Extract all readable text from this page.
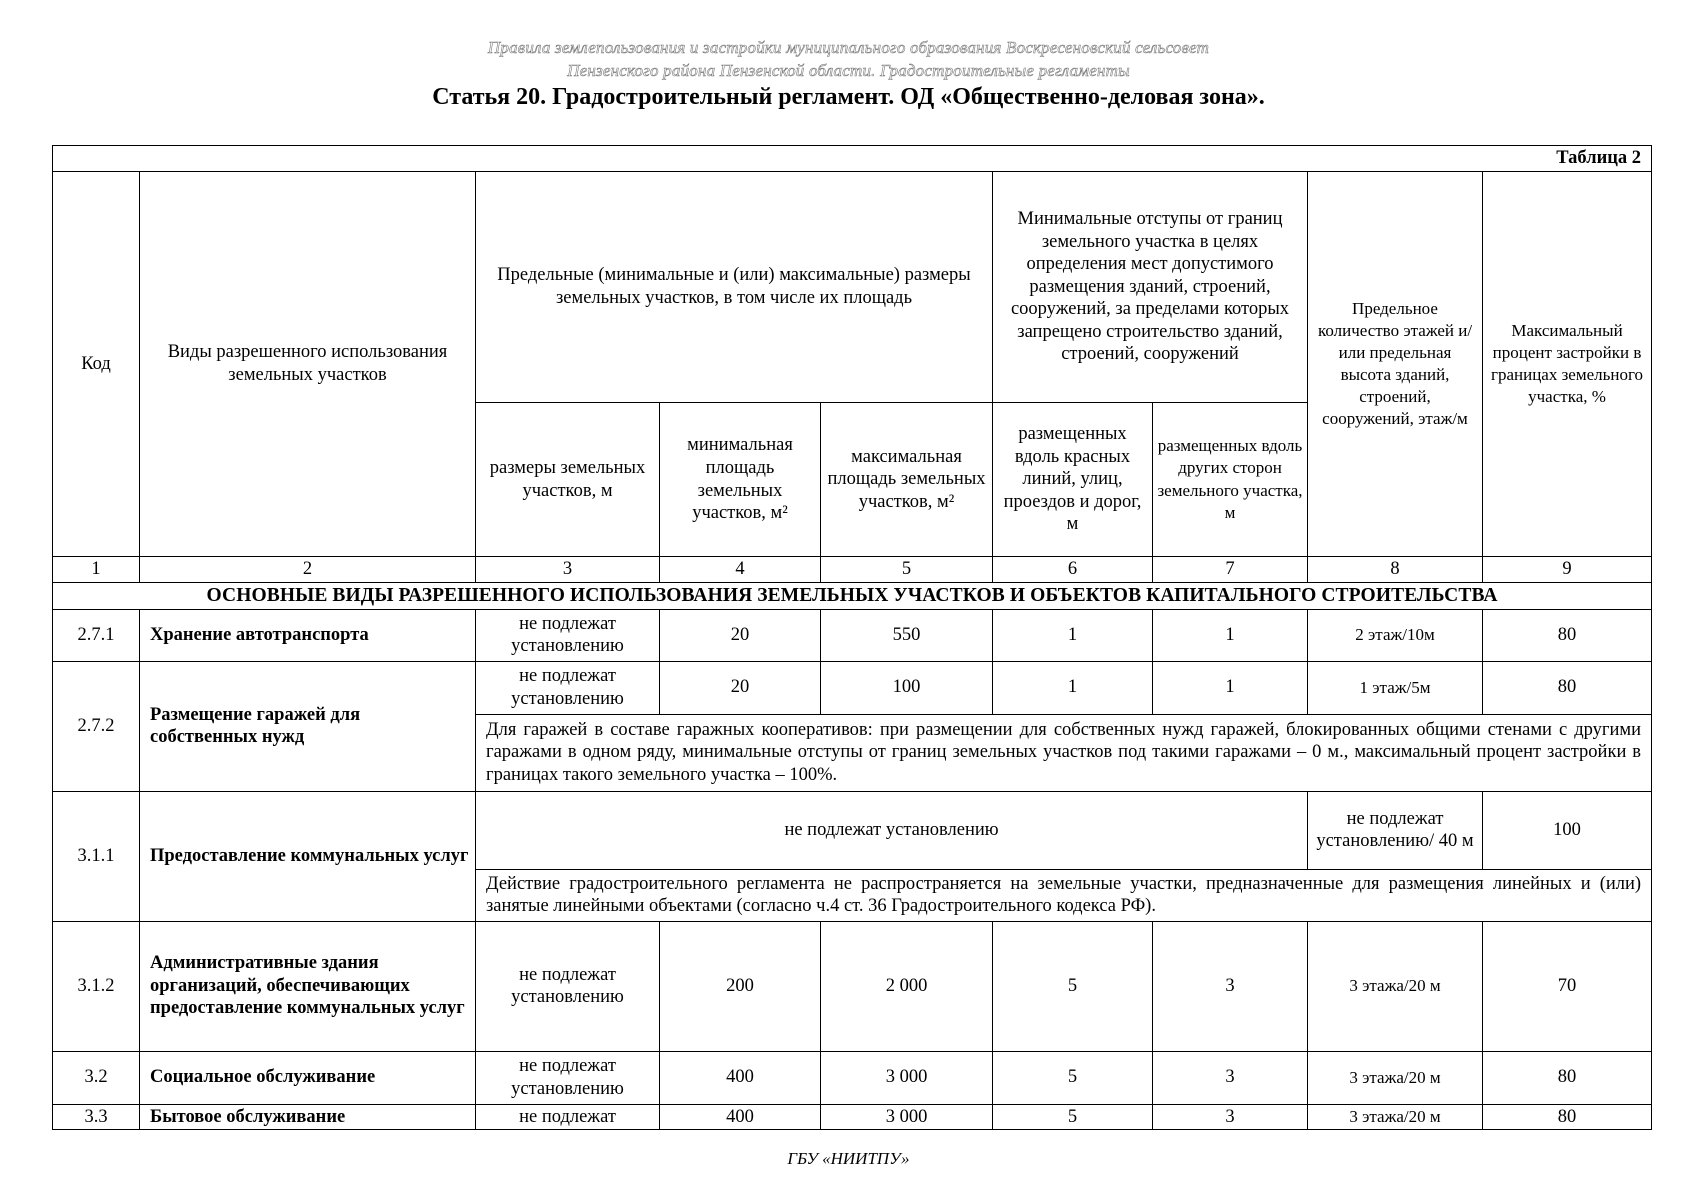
Правила землепользования и застройки муниципального образования Воскресеновский сельсовет
Пензенского района Пензенской области. Градостроительные регламенты
Статья 20. Градостроительный регламент. ОД «Общественно-деловая зона».
Таблица 2								
Код	Виды разрешенного использования земельных участков	Предельные (минимальные и (или) максимальные) размеры земельных участков, в том числе их площадь			Минимальные отступы от границ земельного участка в целях определения мест допустимого размещения зданий, строений, сооружений, за пределами которых запрещено строительство зданий, строений, сооружений		Предельное количество этажей и/или предельная высота зданий, строений, сооружений, этаж/м	Максимальный процент застройки в границах земельного участка, %
		размеры земельных участков, м	минимальная площадь земельных участков, м²	максимальная площадь земельных участков, м²	размещенных вдоль красных линий, улиц, проездов и дорог, м	размещенных вдоль других сторон земельного участка, м		
1	2	3	4	5	6	7	8	9
ОСНОВНЫЕ ВИДЫ РАЗРЕШЕННОГО ИСПОЛЬЗОВАНИЯ ЗЕМЕЛЬНЫХ УЧАСТКОВ И ОБЪЕКТОВ КАПИТАЛЬНОГО СТРОИТЕЛЬСТВА								
2.7.1	Хранение автотранспорта	не подлежат установлению	20	550	1	1	2 этаж/10м	80
2.7.2	Размещение гаражей для собственных нужд	не подлежат установлению	20	100	1	1	1 этаж/5м	80
		Для гаражей в составе гаражных кооперативов: при размещении для собственных нужд гаражей, блокированных общими стенами с другими гаражами в одном ряду, минимальные отступы от границ земельных участков под такими гаражами – 0 м., максимальный процент застройки в границах такого земельного участка – 100%.						
3.1.1	Предоставление коммунальных услуг	не подлежат установлению					не подлежат установлению/ 40 м	100
		Действие градостроительного регламента не распространяется на земельные участки, предназначенные для размещения линейных и (или) занятые линейными объектами (согласно ч.4 ст. 36 Градостроительного кодекса РФ).						
3.1.2	Административные здания организаций, обеспечивающих предоставление коммунальных услуг	не подлежат установлению	200	2 000	5	3	3 этажа/20 м	70
3.2	Социальное обслуживание	не подлежат установлению	400	3 000	5	3	3 этажа/20 м	80
3.3	Бытовое обслуживание	не подлежат	400	3 000	5	3	3 этажа/20 м	80
ГБУ «НИИТПУ»
